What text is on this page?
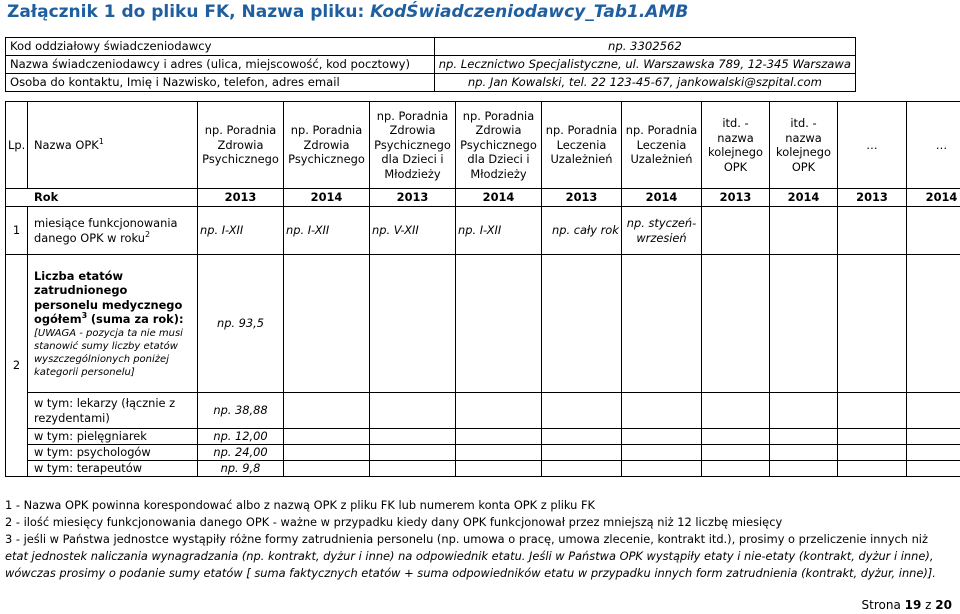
Załącznik 1 do pliku FK, Nazwa pliku: KodŚwiadczeniodawcy_Tab1.AMB
Kod oddziałowy świadczeniodawcy	np. 3302562
Nazwa świadczeniodawcy i adres (ulica, miejscowość, kod pocztowy)	np. Lecznictwo Specjalistyczne, ul. Warszawska 789, 12-345 Warszawa
Osoba do kontaktu, Imię i Nazwisko, telefon, adres email	np. Jan Kowalski, tel. 22 123-45-67, jankowalski@szpital.com
Lp.	Nazwa OPK$^1$	np. Poradnia Zdrowia Psychicznego	np. Poradnia Zdrowia Psychicznego	np. Poradnia Zdrowia Psychicznego dla Dzieci i Młodzieży	np. Poradnia Zdrowia Psychicznego dla Dzieci i Młodzieży	np. Poradnia Leczenia Uzależnień	np. Poradnia Leczenia Uzależnień	itd. - nazwa kolejnego OPK	itd. - nazwa kolejnego OPK	…	…
Rok		2013	2014	2013	2014	2013	2014	2013	2014	2013	2014
1	miesiące funkcjonowania danego OPK w roku$^2$	np. I-XII	np. I-XII	np. V-XII	np. I-XII	np. cały rok	np. styczeń-wrzesień				
2	Liczba etatów zatrudnionego personelu medycznego ogółem$^3$ (suma za rok):
[UWAGA - pozycja ta nie musi stanowić sumy liczby etatów wyszczególnionych poniżej kategorii personelu]	np. 93,5									
	w tym: lekarzy (łącznie z rezydentami)	np. 38,88									
	w tym: pielęgniarek	np. 12,00									
	w tym: psychologów	np. 24,00									
	w tym: terapeutów	np. 9,8									
1 - Nazwa OPK powinna korespondować albo z nazwą OPK z pliku FK lub numerem konta OPK z pliku FK
2 - ilość miesięcy funkcjonowania danego OPK - ważne w przypadku kiedy dany OPK funkcjonował przez mniejszą niż 12 liczbę miesięcy
3 - jeśli w Państwa jednostce wystąpiły różne formy zatrudnienia personelu (np. umowa o pracę, umowa zlecenie, kontrakt itd.), prosimy o przeliczenie innych niż
etat jednostek naliczania wynagradzania (np. kontrakt, dyżur i inne) na odpowiednik etatu. Jeśli w Państwa OPK wystąpiły etaty i nie-etaty (kontrakt, dyżur i inne),
wówczas prosimy o podanie sumy etatów [ suma faktycznych etatów + suma odpowiedników etatu w przypadku innych form zatrudnienia (kontrakt, dyżur, inne)].
Strona 19 z 20
